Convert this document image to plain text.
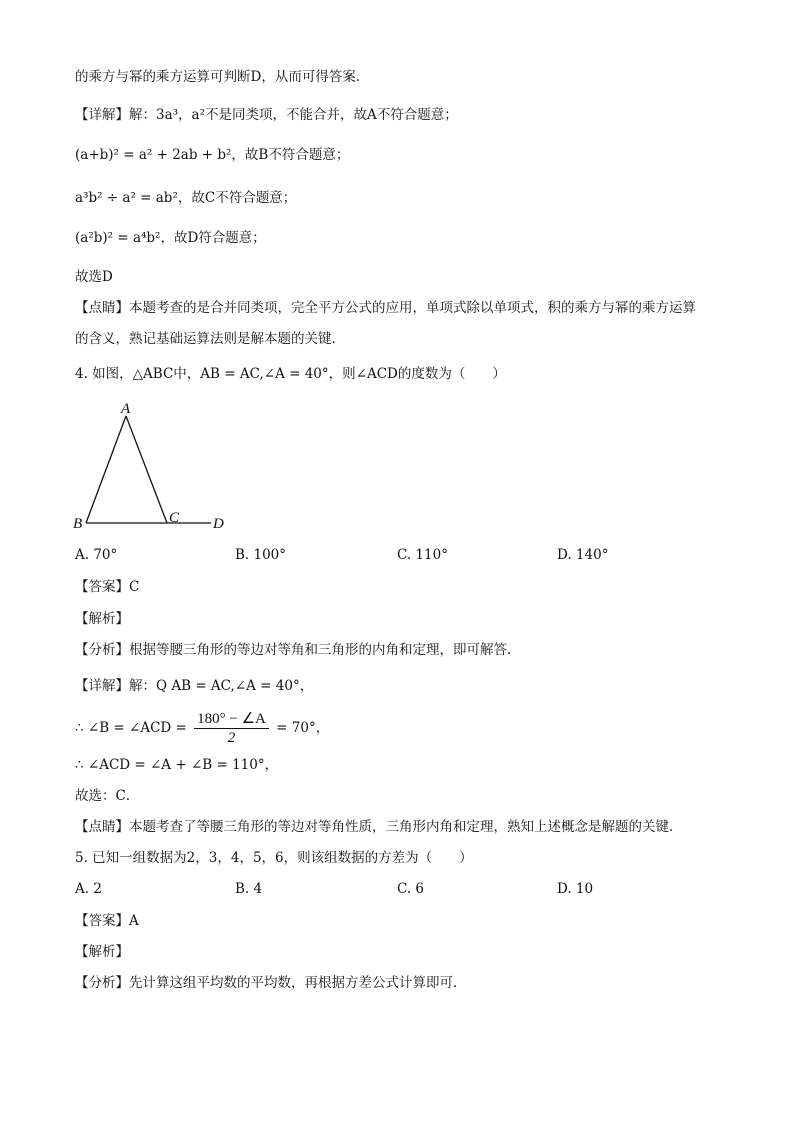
的乘方与幂的乘方运算可判断D，从而可得答案．
【详解】解：3a³，a²不是同类项，不能合并，故A不符合题意；
(a+b)² = a² + 2ab + b²，故B不符合题意；
a³b² ÷ a² = ab²，故C不符合题意；
(a²b)² = a⁴b²，故D符合题意；
故选D
【点睛】本题考查的是合并同类项，完全平方公式的应用，单项式除以单项式，积的乘方与幂的乘方运算
的含义，熟记基础运算法则是解本题的关键．
4. 如图，△ABC中，AB = AC,∠A = 40°，则∠ACD的度数为（　　）
A
B	C D
A. 70°	B. 100°	C. 110°	D. 140°
【答案】C
【解析】
【分析】根据等腰三角形的等边对等角和三角形的内角和定理，即可解答．
【详解】解：Q AB = AC,∠A = 40°，
∴ ∠B = ∠ACD = $\frac{180^\circ - \angle A}{2} = 70^\circ$，
∴ ∠ACD = ∠A + ∠B = 110°，
故选：C．
【点睛】本题考查了等腰三角形的等边对等角性质，三角形内角和定理，熟知上述概念是解题的关键．
5. 已知一组数据为2，3，4，5，6，则该组数据的方差为（　　）
A. 2	B. 4	C. 6	D. 10
【答案】A
【解析】
【分析】先计算这组平均数的平均数，再根据方差公式计算即可．
